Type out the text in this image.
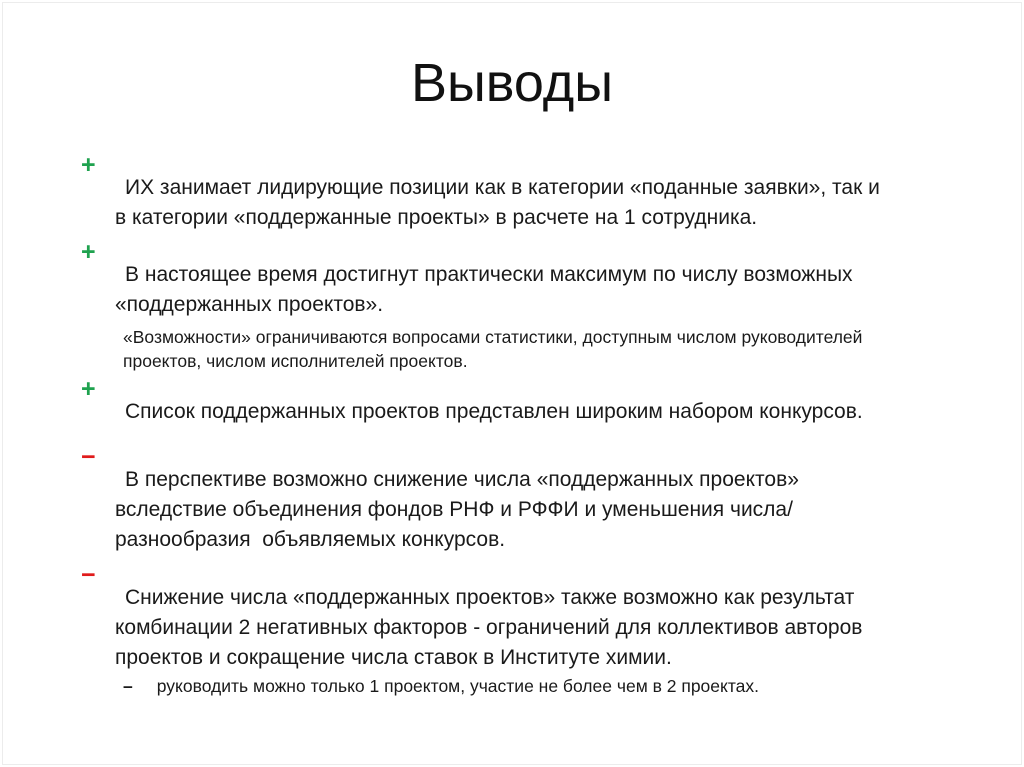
Выводы
+
ИХ занимает лидирующие позиции как в категории «поданные заявки», так и
в категории «поддержанные проекты» в расчете на 1 сотрудника.
+
В настоящее время достигнут практически максимум по числу возможных
«поддержанных проектов».
«Возможности» ограничиваются вопросами статистики, доступным числом руководителей
проектов, числом исполнителей проектов.
+
Список поддержанных проектов представлен широким набором конкурсов.
−
В перспективе возможно снижение числа «поддержанных проектов»
вследствие объединения фондов РНФ и РФФИ и уменьшения числа/
разнообразия  объявляемых конкурсов.
−
Снижение числа «поддержанных проектов» также возможно как результат
комбинации 2 негативных факторов - ограничений для коллективов авторов
проектов и сокращение числа ставок в Институте химии.
– руководить можно только 1 проектом, участие не более чем в 2 проектах.
